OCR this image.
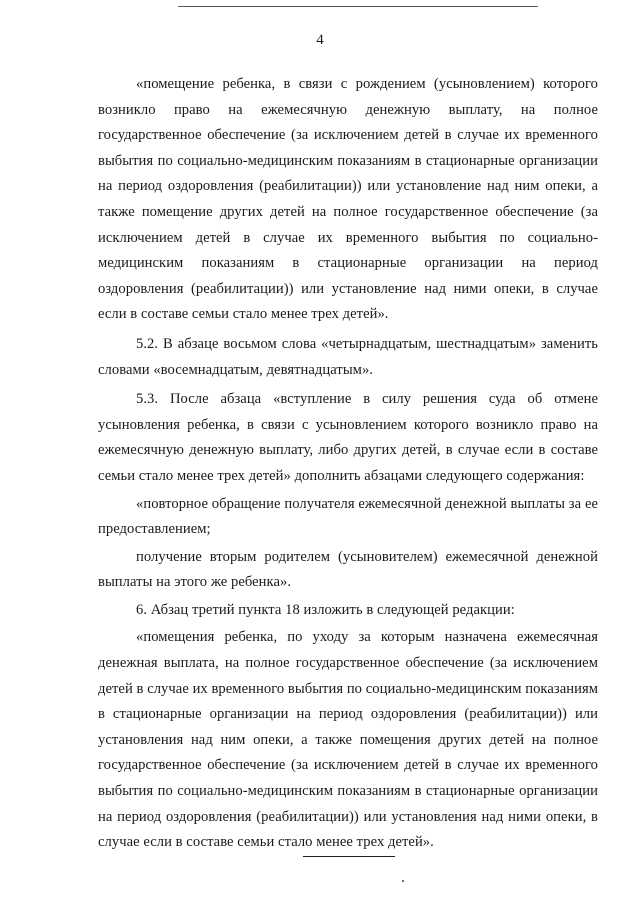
4

«помещение ребенка, в связи с рождением (усыновлением) которого возникло право на ежемесячную денежную выплату, на полное государственное обеспечение (за исключением детей в случае их временного выбытия по социально-медицинским показаниям в стационарные организации на период оздоровления (реабилитации)) или установление над ним опеки, а также помещение других детей на полное государственное обеспечение (за исключением детей в случае их временного выбытия по социально-медицинским показаниям в стационарные организации на период оздоровления (реабилитации)) или установление над ними опеки, в случае если в составе семьи стало менее трех детей».

5.2. В абзаце восьмом слова «четырнадцатым, шестнадцатым» заменить словами «восемнадцатым, девятнадцатым».

5.3. После абзаца «вступление в силу решения суда об отмене усыновления ребенка, в связи с усыновлением которого возникло право на ежемесячную денежную выплату, либо других детей, в случае если в составе семьи стало менее трех детей» дополнить абзацами следующего содержания:

«повторное обращение получателя ежемесячной денежной выплаты за ее предоставлением;

получение вторым родителем (усыновителем) ежемесячной денежной выплаты на этого же ребенка».

6. Абзац третий пункта 18 изложить в следующей редакции:

«помещения ребенка, по уходу за которым назначена ежемесячная денежная выплата, на полное государственное обеспечение (за исключением детей в случае их временного выбытия по социально-медицинским показаниям в стационарные организации на период оздоровления (реабилитации)) или установления над ним опеки, а также помещения других детей на полное государственное обеспечение (за исключением детей в случае их временного выбытия по социально-медицинским показаниям в стационарные организации на период оздоровления (реабилитации)) или установления над ними опеки, в случае если в составе семьи стало менее трех детей».
